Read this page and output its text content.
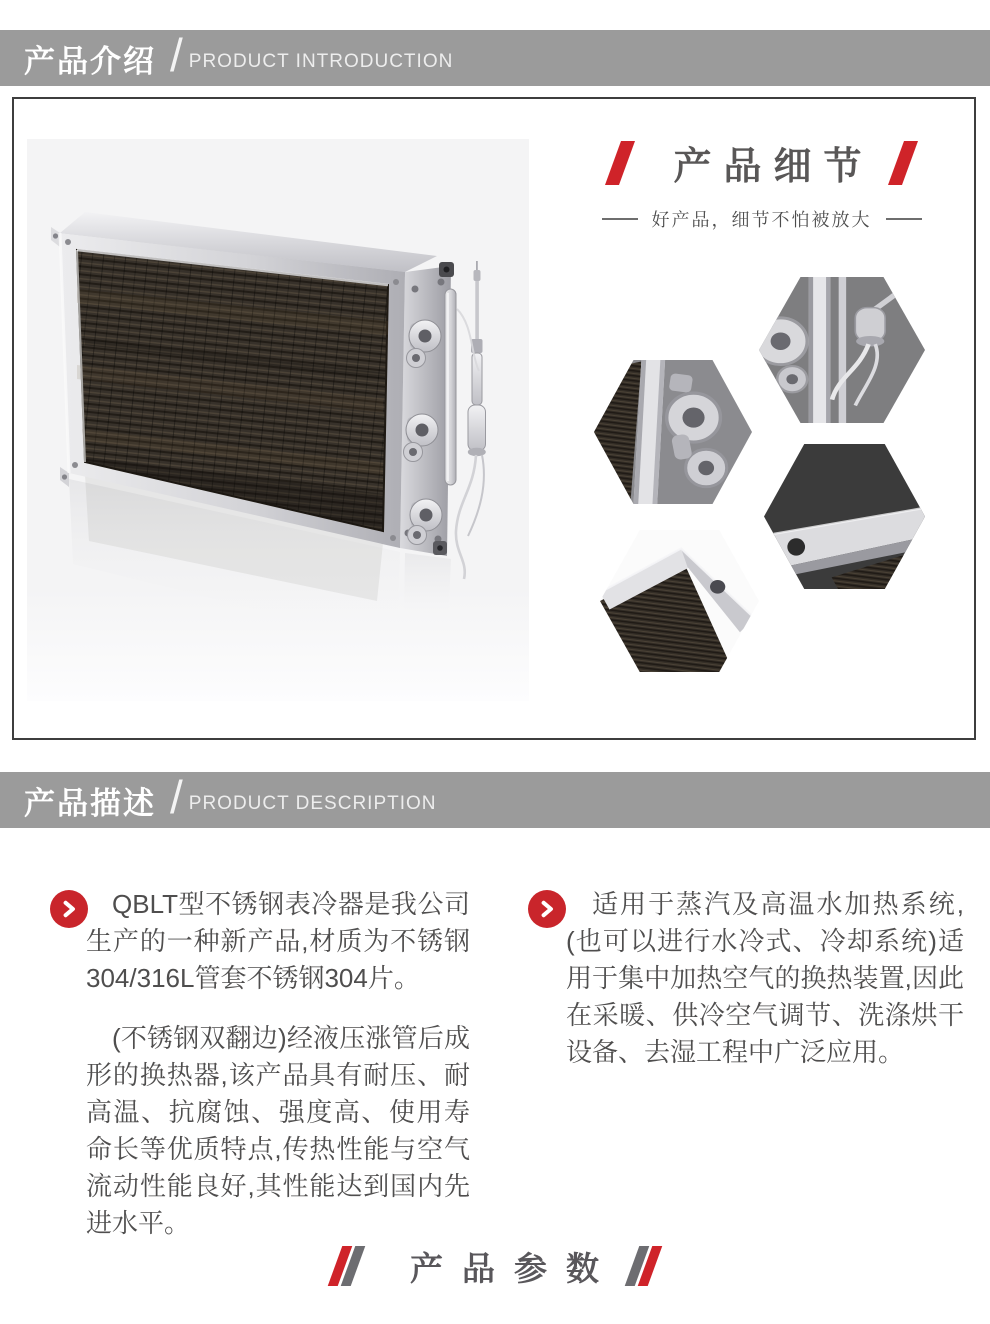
产品介绍 / PRODUCT INTRODUCTION
产品细节
好产品，细节不怕被放大
产品描述 / PRODUCT DESCRIPTION

QBLT型不锈钢表冷器是我公司生产的一种新产品,材质为不锈钢304/316L管套不锈钢304片。

(不锈钢双翻边)经液压涨管后成形的换热器,该产品具有耐压、耐高温、抗腐蚀、强度高、使用寿命长等优质特点,传热性能与空气流动性能良好,其性能达到国内先进水平。

适用于蒸汽及高温水加热系统,(也可以进行水冷式、冷却系统)适用于集中加热空气的换热装置,因此在采暖、供冷空气调节、洗涤烘干设备、去湿工程中广泛应用。

产品参数
